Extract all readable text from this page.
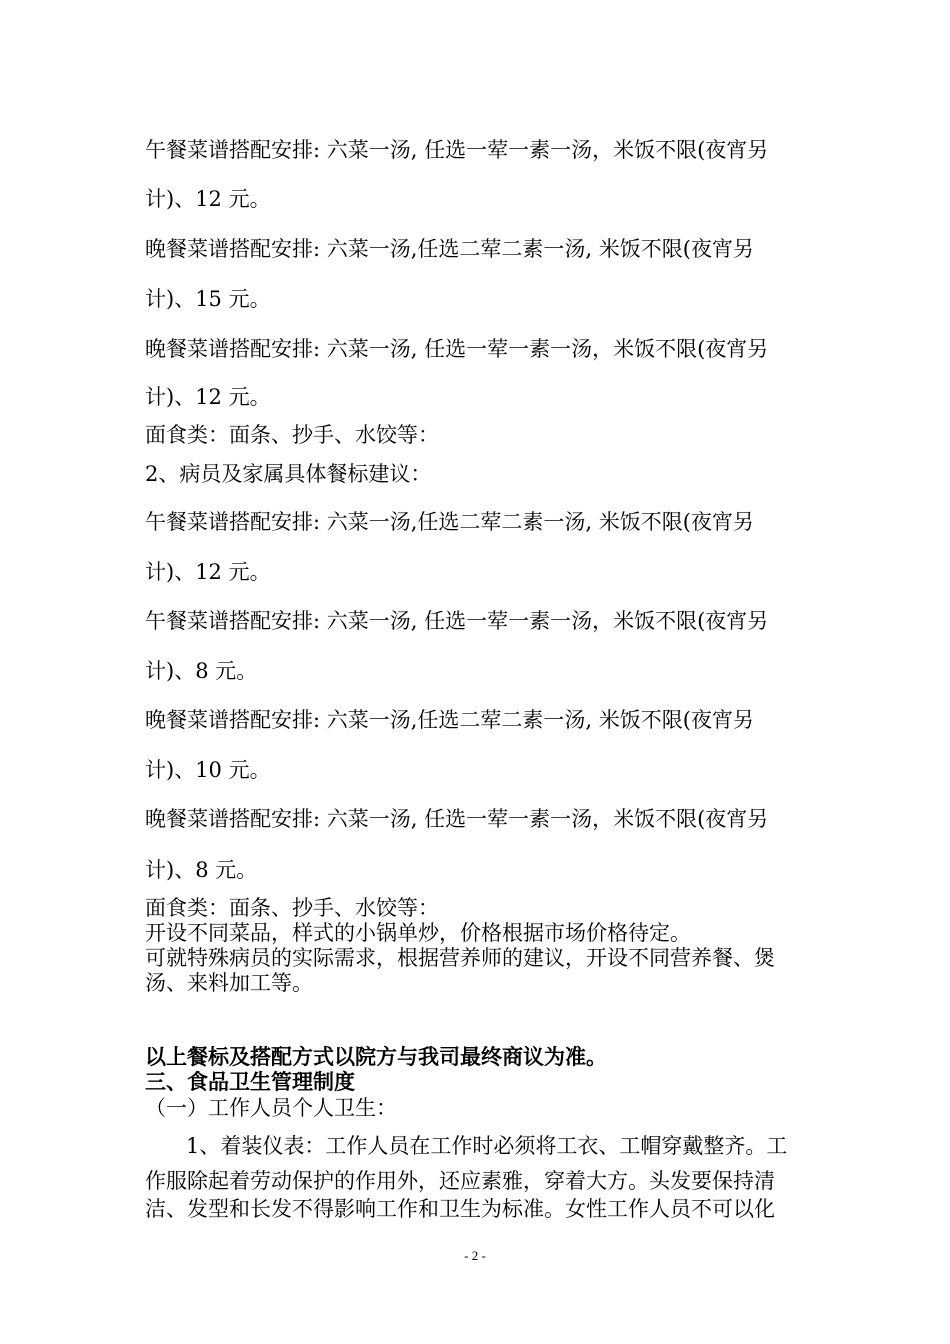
午餐菜谱搭配安排: 六菜一汤, 任选一荤一素一汤，米饭不限(夜宵另
计)、12 元。
晚餐菜谱搭配安排: 六菜一汤,任选二荤二素一汤, 米饭不限(夜宵另
计)、15 元。
晚餐菜谱搭配安排: 六菜一汤, 任选一荤一素一汤，米饭不限(夜宵另
计)、12 元。
面食类：面条、抄手、水饺等：
2、病员及家属具体餐标建议：
午餐菜谱搭配安排: 六菜一汤,任选二荤二素一汤, 米饭不限(夜宵另
计)、12 元。
午餐菜谱搭配安排: 六菜一汤, 任选一荤一素一汤，米饭不限(夜宵另
计)、8 元。
晚餐菜谱搭配安排: 六菜一汤,任选二荤二素一汤, 米饭不限(夜宵另
计)、10 元。
晚餐菜谱搭配安排: 六菜一汤, 任选一荤一素一汤，米饭不限(夜宵另
计)、8 元。
面食类：面条、抄手、水饺等：
开设不同菜品，样式的小锅单炒，价格根据市场价格待定。
可就特殊病员的实际需求，根据营养师的建议，开设不同营养餐、煲
汤、来料加工等。
以上餐标及搭配方式以院方与我司最终商议为准。
三、食品卫生管理制度
（一）工作人员个人卫生：
1、着装仪表：工作人员在工作时必须将工衣、工帽穿戴整齐。工
作服除起着劳动保护的作用外，还应素雅，穿着大方。头发要保持清
洁、发型和长发不得影响工作和卫生为标准。女性工作人员不可以化
- 2 -
